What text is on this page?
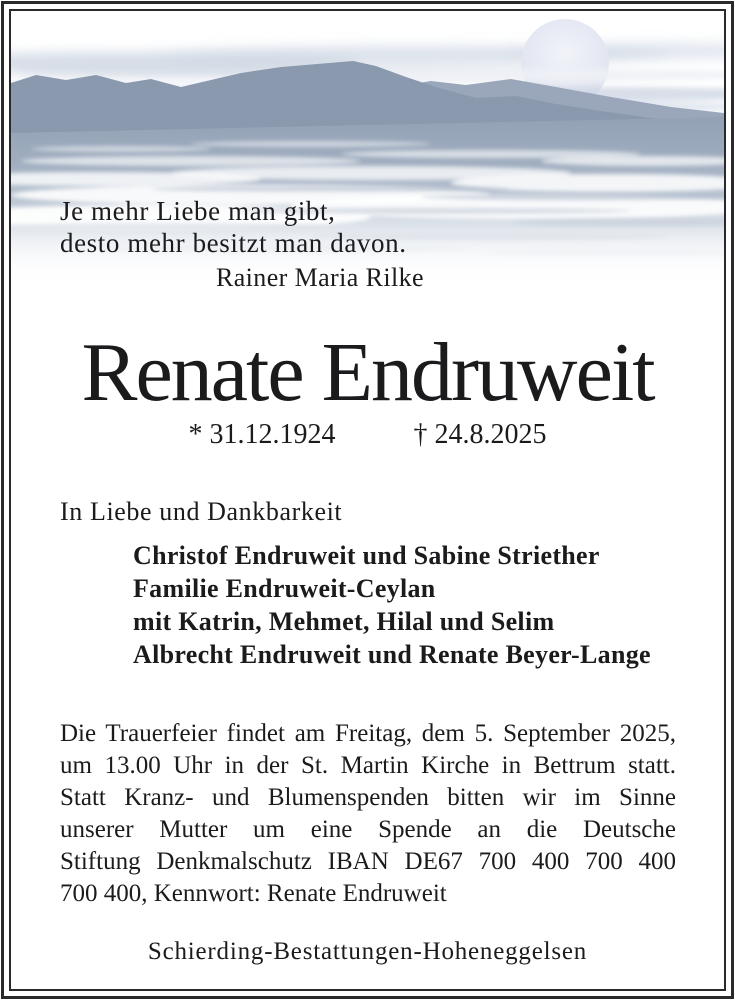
Je mehr Liebe man gibt,
desto mehr besitzt man davon.
Rainer Maria Rilke
Renate Endruweit
* 31.12.1924	† 24.8.2025
In Liebe und Dankbarkeit
Christof Endruweit und Sabine Striether
Familie Endruweit-Ceylan
mit Katrin, Mehmet, Hilal und Selim
Albrecht Endruweit und Renate Beyer-Lange
Die Trauerfeier findet am Freitag, dem 5. September 2025,
um 13.00 Uhr in der St. Martin Kirche in Bettrum statt.
Statt Kranz- und Blumenspenden bitten wir im Sinne
unserer Mutter um eine Spende an die Deutsche
Stiftung Denkmalschutz IBAN DE67 700 400 700 400
700 400, Kennwort: Renate Endruweit
Schierding-Bestattungen-Hoheneggelsen
